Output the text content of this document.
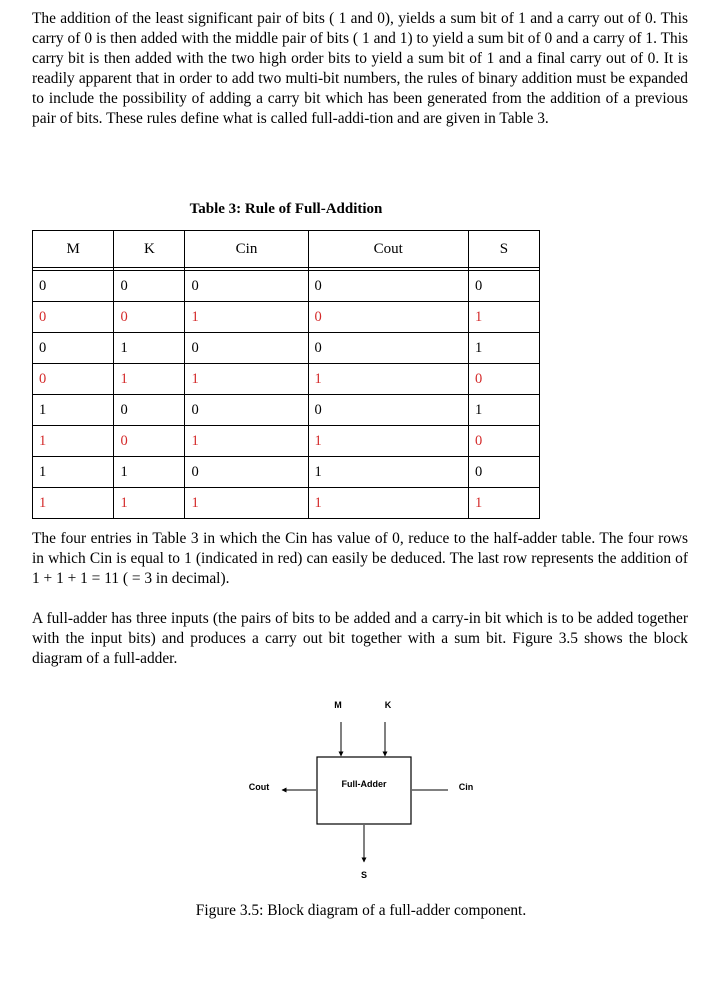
The addition of the least significant pair of bits ( 1 and 0), yields a sum bit of 1 and a carry out of 0. This carry of 0 is then added with the middle pair of bits ( 1 and 1) to yield a sum bit of 0 and a carry of 1. This carry bit is then added with the two high order bits to yield a sum bit of 1 and a final carry out of 0. It is readily apparent that in order to add two multi-bit numbers, the rules of binary addition must be expanded to include the possibility of adding a carry bit which has been generated from the addition of a previous pair of bits. These rules define what is called full-addi-tion and are given in Table 3.

Table 3: Rule of Full-Addition
M	K	Cin	Cout	S

0	0	0	0	0
0	0	1	0	1
0	1	0	0	1
0	1	1	1	0
1	0	0	0	1
1	0	1	1	0
1	1	0	1	0
1	1	1	1	1

The four entries in Table 3 in which the Cin has value of 0, reduce to the half-adder table. The four rows in which Cin is equal to 1 (indicated in red) can easily be deduced. The last row represents the addition of 1 + 1 + 1 = 11 ( = 3 in decimal).

A full-adder has three inputs (the pairs of bits to be added and a carry-in bit which is to be added together with the input bits) and produces a carry out bit together with a sum bit. Figure 3.5 shows the block diagram of a full-adder.

Full-Adder
M	K
Cout	Cin
S
Figure 3.5: Block diagram of a full-adder component.
